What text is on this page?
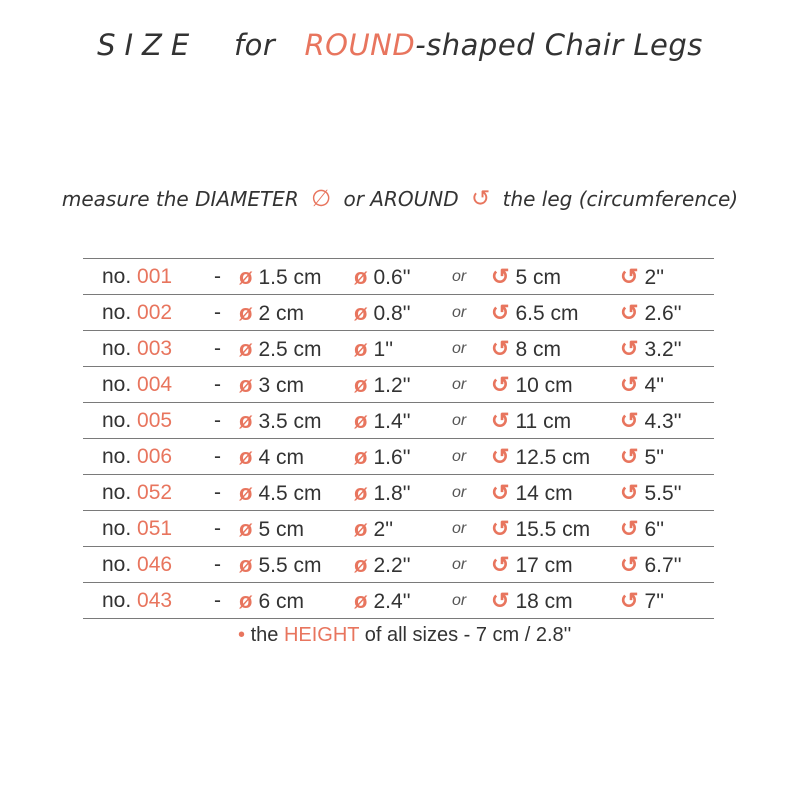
SIZE for ROUND-shaped Chair Legs
measure the DIAMETER ∅ or AROUND ↺ the leg (circumference)
no. 001 - ø 1.5 cm ø 0.6''	or ↺ 5 cm	↺ 2''
no. 002 - ø 2 cm ø 0.8''	or ↺ 6.5 cm ↺ 2.6''
no. 003 - ø 2.5 cm ø 1''	or ↺ 8 cm	↺ 3.2''
no. 004 - ø 3 cm ø 1.2''	or ↺ 10 cm ↺ 4''
no. 005 - ø 3.5 cm ø 1.4''	or ↺ 11 cm ↺ 4.3''
no. 006 - ø 4 cm ø 1.6''	or ↺ 12.5 cm ↺ 5''
no. 052 - ø 4.5 cm ø 1.8''	or ↺ 14 cm ↺ 5.5''
no. 051 - ø 5 cm ø 2''	or ↺ 15.5 cm ↺ 6''
no. 046 - ø 5.5 cm ø 2.2''	or ↺ 17 cm ↺ 6.7''
no. 043 - ø 6 cm ø 2.4''	or ↺ 18 cm ↺ 7''
• the HEIGHT of all sizes - 7 cm / 2.8''
